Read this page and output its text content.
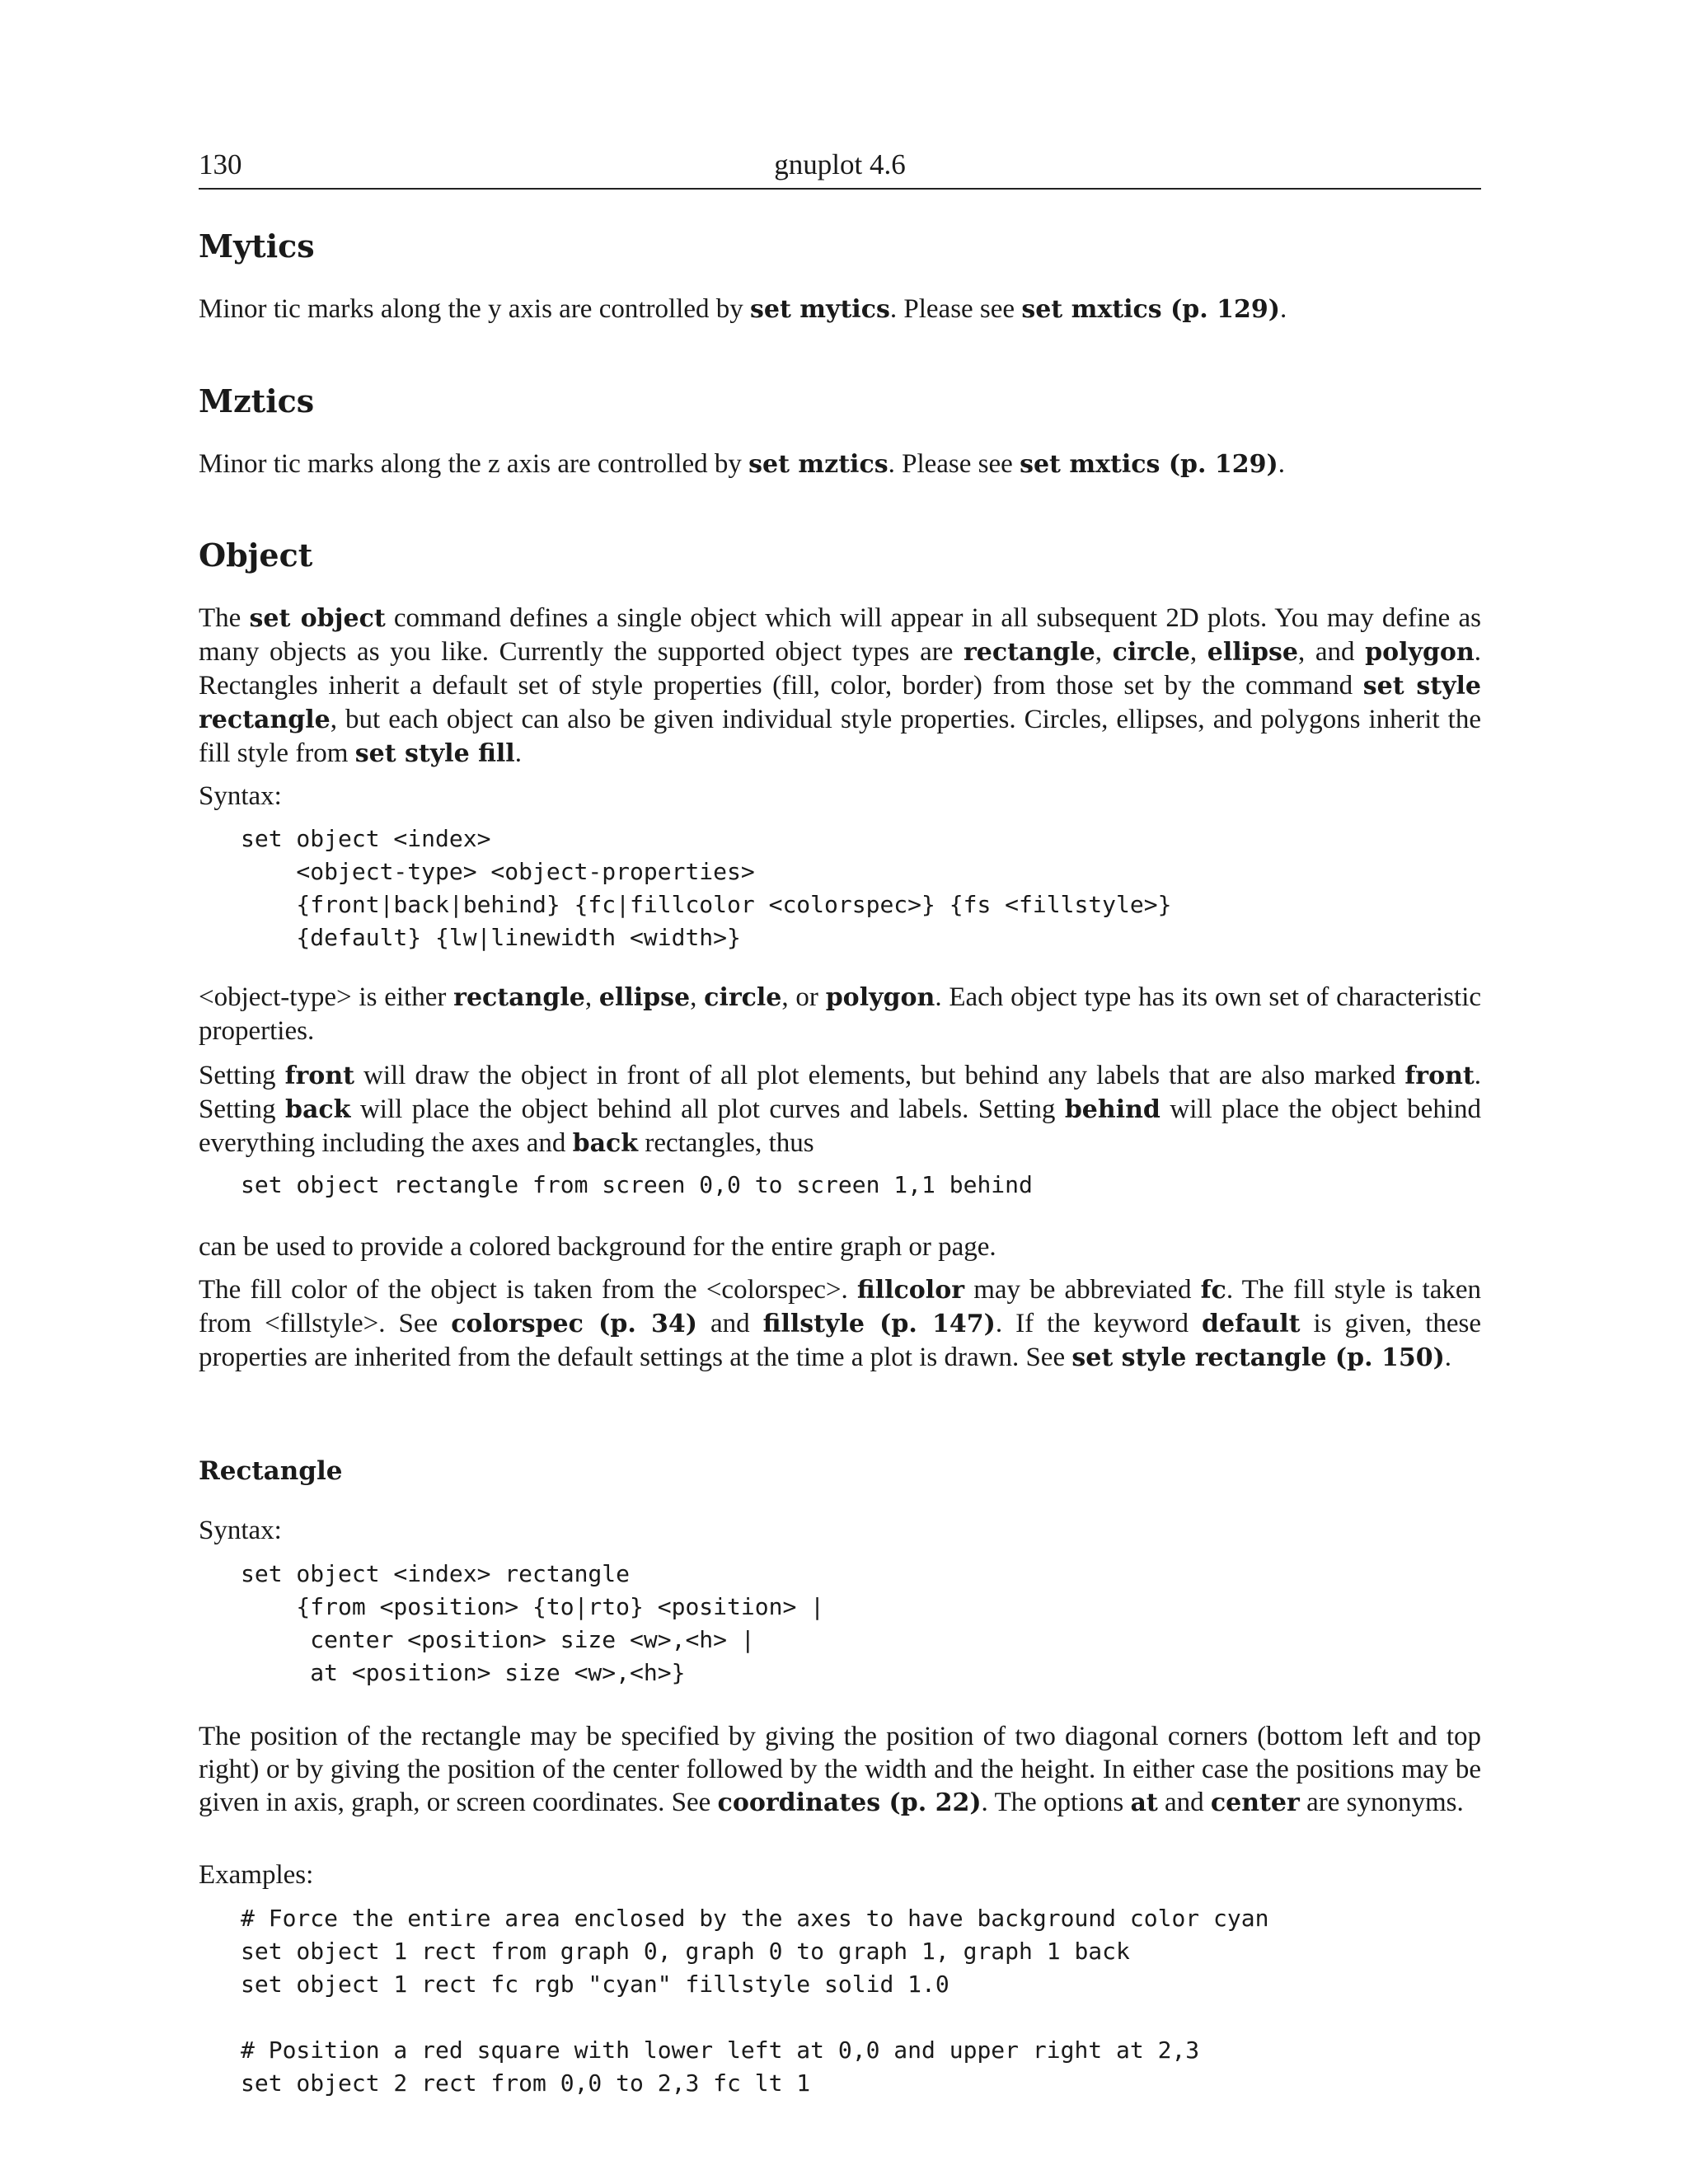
130	gnuplot 4.6
Mytics

Minor tic marks along the y axis are controlled by set mytics. Please see set mxtics (p. 129).

Mztics

Minor tic marks along the z axis are controlled by set mztics. Please see set mxtics (p. 129).

Object

The set object command defines a single object which will appear in all subsequent 2D plots. You may define as many objects as you like. Currently the supported object types are rectangle, circle, ellipse, and polygon. Rectangles inherit a default set of style properties (fill, color, border) from those set by the command set style rectangle, but each object can also be given individual style properties. Circles, ellipses, and polygons inherit the fill style from set style fill.

Syntax:

set object <index>
<object-type> <object-properties>
{front|back|behind} {fc|fillcolor <colorspec>} {fs <fillstyle>}
{default} {lw|linewidth <width>}

<object-type> is either rectangle, ellipse, circle, or polygon. Each object type has its own set of characteristic properties.

Setting front will draw the object in front of all plot elements, but behind any labels that are also marked front. Setting back will place the object behind all plot curves and labels. Setting behind will place the object behind everything including the axes and back rectangles, thus

set object rectangle from screen 0,0 to screen 1,1 behind

can be used to provide a colored background for the entire graph or page.

The fill color of the object is taken from the <colorspec>. fillcolor may be abbreviated fc. The fill style is taken from <fillstyle>. See colorspec (p. 34) and fillstyle (p. 147). If the keyword default is given, these properties are inherited from the default settings at the time a plot is drawn. See set style rectangle (p. 150).

Rectangle

Syntax:

set object <index> rectangle
{from <position> {to|rto} <position> |
center <position> size <w>,<h> |
at <position> size <w>,<h>}

The position of the rectangle may be specified by giving the position of two diagonal corners (bottom left and top right) or by giving the position of the center followed by the width and the height. In either case the positions may be given in axis, graph, or screen coordinates. See coordinates (p. 22). The options at and center are synonyms.

Examples:

# Force the entire area enclosed by the axes to have background color cyan
set object 1 rect from graph 0, graph 0 to graph 1, graph 1 back
set object 1 rect fc rgb "cyan" fillstyle solid 1.0

# Position a red square with lower left at 0,0 and upper right at 2,3
set object 2 rect from 0,0 to 2,3 fc lt 1
